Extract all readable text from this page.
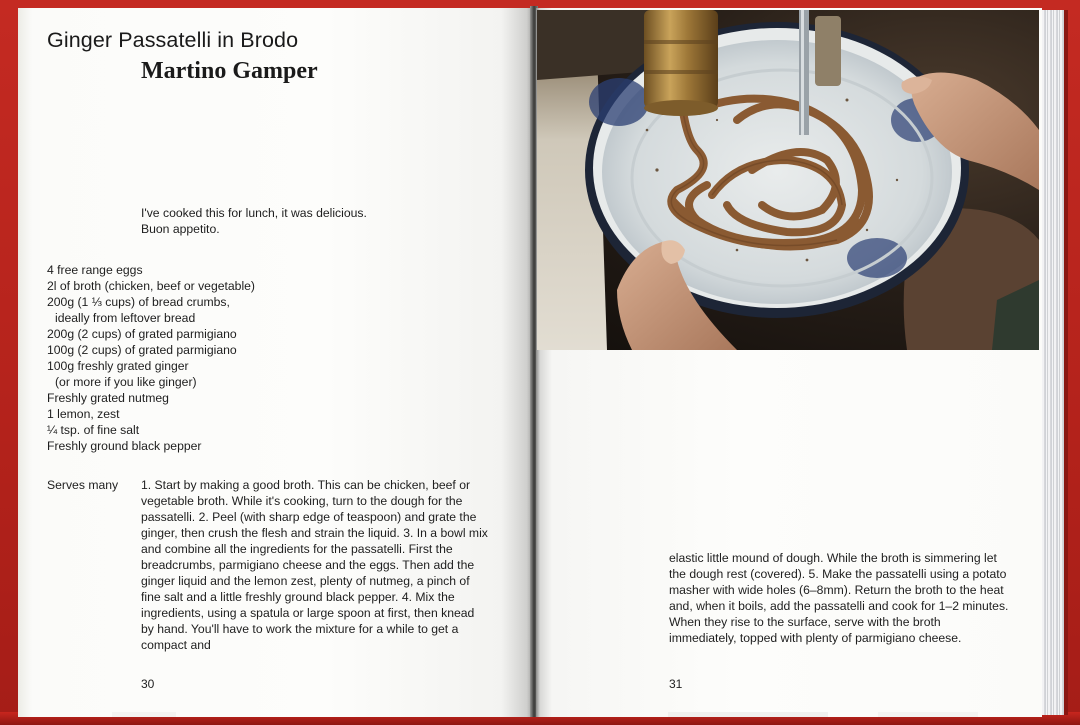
Ginger Passatelli in Brodo
Martino Gamper

I've cooked this for lunch, it was delicious.

Buon appetito.

4 free range eggs
2l of broth (chicken, beef or vegetable)
200g (1 ⅓ cups) of bread crumbs,
ideally from leftover bread
200g (2 cups) of grated parmigiano
100g (2 cups) of grated parmigiano
100g freshly grated ginger
(or more if you like ginger)
Freshly grated nutmeg
1 lemon, zest
¼ tsp. of fine salt
Freshly ground black pepper
Serves many 1. Start by making a good broth. This can be chicken, beef or vegetable broth. While it's cooking, turn to the dough for the passatelli. 2. Peel (with sharp edge of teaspoon) and grate the ginger, then crush the flesh and strain the liquid. 3. In a bowl mix and combine all the ingredients for the passatelli. First the breadcrumbs, parmigiano cheese and the eggs. Then add the ginger liquid and the lemon zest, plenty of nutmeg, a pinch of fine salt and a little freshly ground black pepper. 4. Mix the ingredients, using a spatula or large spoon at first, then knead by hand. You'll have to work the mixture for a while to get a compact and

30

elastic little mound of dough. While the broth is simmering let the dough rest (covered). 5. Make the passatelli using a potato masher with wide holes (6–8mm). Return the broth to the heat and, when it boils, add the passatelli and cook for 1–2 minutes. When they rise to the surface, serve with the broth immediately, topped with plenty of parmigiano cheese.

31
